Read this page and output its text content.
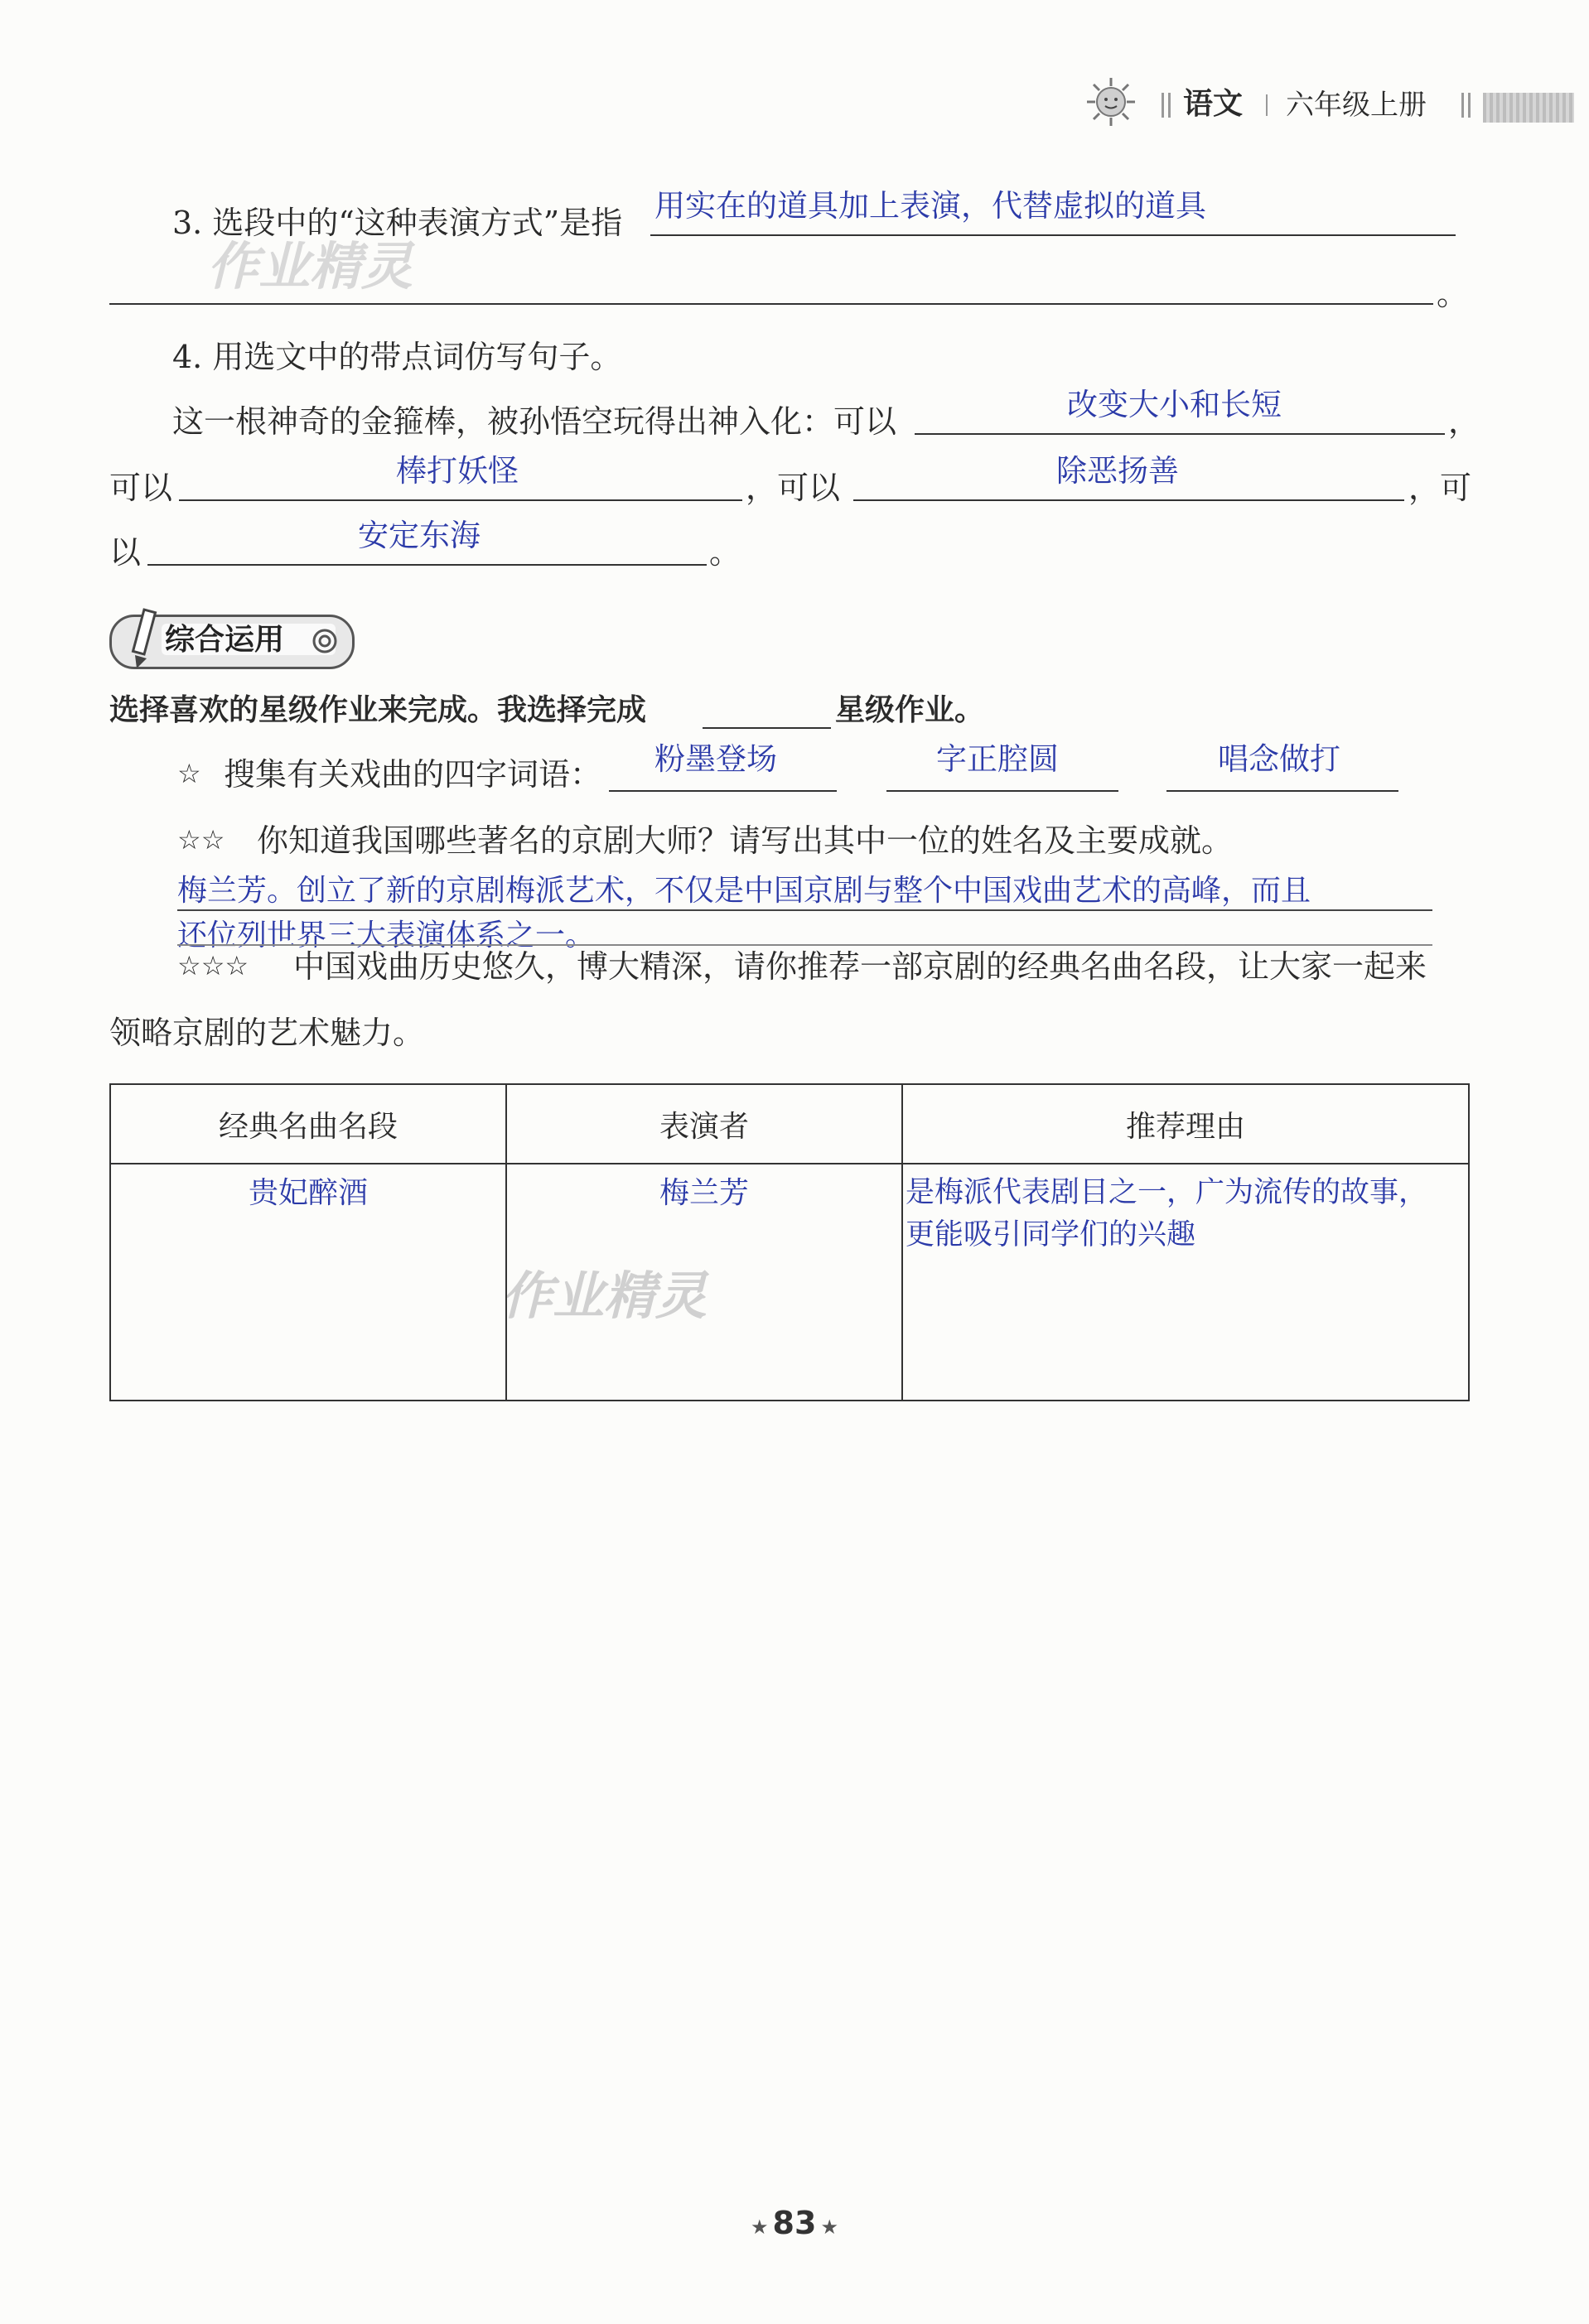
语文 六年级上册
作业精灵
作业精灵
3. 选段中的“这种表演方式”是指 用实在的道具加上表演，代替虚拟的道具
。
4. 用选文中的带点词仿写句子。
这一根神奇的金箍棒，被孙悟空玩得出神入化：可以	改变大小和长短	，
可以	棒打妖怪	，可以	除恶扬善	，可
以	安定东海	。
综合运用
选择喜欢的星级作业来完成。我选择完成	星级作业。
☆ 搜集有关戏曲的四字词语： 粉墨登场	字正腔圆	唱念做打
☆☆ 你知道我国哪些著名的京剧大师？请写出其中一位的姓名及主要成就。
梅兰芳。创立了新的京剧梅派艺术，不仅是中国京剧与整个中国戏曲艺术的高峰，而且
还位列世界三大表演体系之一。
☆☆☆ 中国戏曲历史悠久，博大精深，请你推荐一部京剧的经典名曲名段，让大家一起来
领略京剧的艺术魅力。
经典名曲名段	表演者	推荐理由

贵妃醉酒	梅兰芳	是梅派代表剧目之一，广为流传的故事，
更能吸引同学们的兴趣
★ 83 ★
